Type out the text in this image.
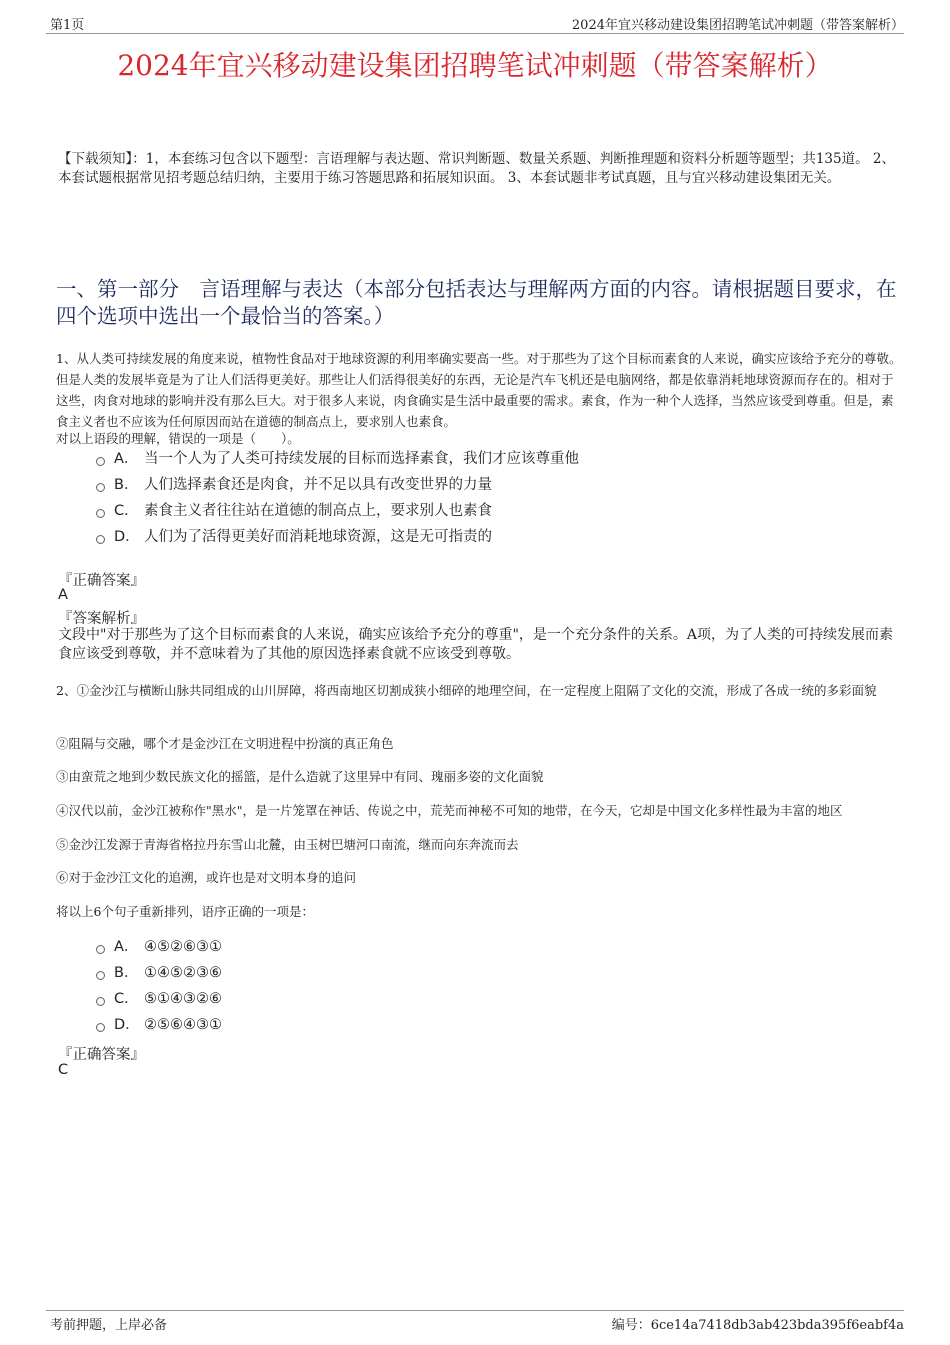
第1页	2024年宜兴移动建设集团招聘笔试冲刺题（带答案解析）
2024年宜兴移动建设集团招聘笔试冲刺题（带答案解析）
【下载须知】：1，本套练习包含以下题型：言语理解与表达题、常识判断题、数量关系题、判断推理题和资料分析题等题型；共135道。 2、本套试题根据常见招考题总结归纳，主要用于练习答题思路和拓展知识面。 3、本套试题非考试真题，且与宜兴移动建设集团无关。
一、第一部分　言语理解与表达（本部分包括表达与理解两方面的内容。请根据题目要求，在四个选项中选出一个最恰当的答案。）
1、从人类可持续发展的角度来说，植物性食品对于地球资源的利用率确实要高一些。对于那些为了这个目标而素食的人来说，确实应该给予充分的尊敬。但是人类的发展毕竟是为了让人们活得更美好。那些让人们活得很美好的东西，无论是汽车飞机还是电脑网络，都是依靠消耗地球资源而存在的。相对于这些，肉食对地球的影响并没有那么巨大。对于很多人来说，肉食确实是生活中最重要的需求。素食，作为一种个人选择，当然应该受到尊重。但是，素食主义者也不应该为任何原因而站在道德的制高点上，要求别人也素食。
对以上语段的理解，错误的一项是（　　）。
A． 当一个人为了人类可持续发展的目标而选择素食，我们才应该尊重他
B． 人们选择素食还是肉食，并不足以具有改变世界的力量
C． 素食主义者往往站在道德的制高点上，要求别人也素食
D． 人们为了活得更美好而消耗地球资源，这是无可指责的
『正确答案』
A
『答案解析』
文段中"对于那些为了这个目标而素食的人来说，确实应该给予充分的尊重"，是一个充分条件的关系。A项，为了人类的可持续发展而素食应该受到尊敬，并不意味着为了其他的原因选择素食就不应该受到尊敬。
2、①金沙江与横断山脉共同组成的山川屏障，将西南地区切割成狭小细碎的地理空间，在一定程度上阻隔了文化的交流，形成了各成一统的多彩面貌
②阻隔与交融，哪个才是金沙江在文明进程中扮演的真正角色
③由蛮荒之地到少数民族文化的摇篮，是什么造就了这里异中有同、瑰丽多姿的文化面貌
④汉代以前，金沙江被称作"黑水"，是一片笼罩在神话、传说之中，荒芜而神秘不可知的地带，在今天，它却是中国文化多样性最为丰富的地区
⑤金沙江发源于青海省格拉丹东雪山北麓，由玉树巴塘河口南流，继而向东奔流而去
⑥对于金沙江文化的追溯，或许也是对文明本身的追问
将以上6个句子重新排列，语序正确的一项是：
A． ④⑤②⑥③①
B． ①④⑤②③⑥
C． ⑤①④③②⑥
D． ②⑤⑥④③①
『正确答案』
C
考前押题，上岸必备	编号：6ce14a7418db3ab423bda395f6eabf4a
